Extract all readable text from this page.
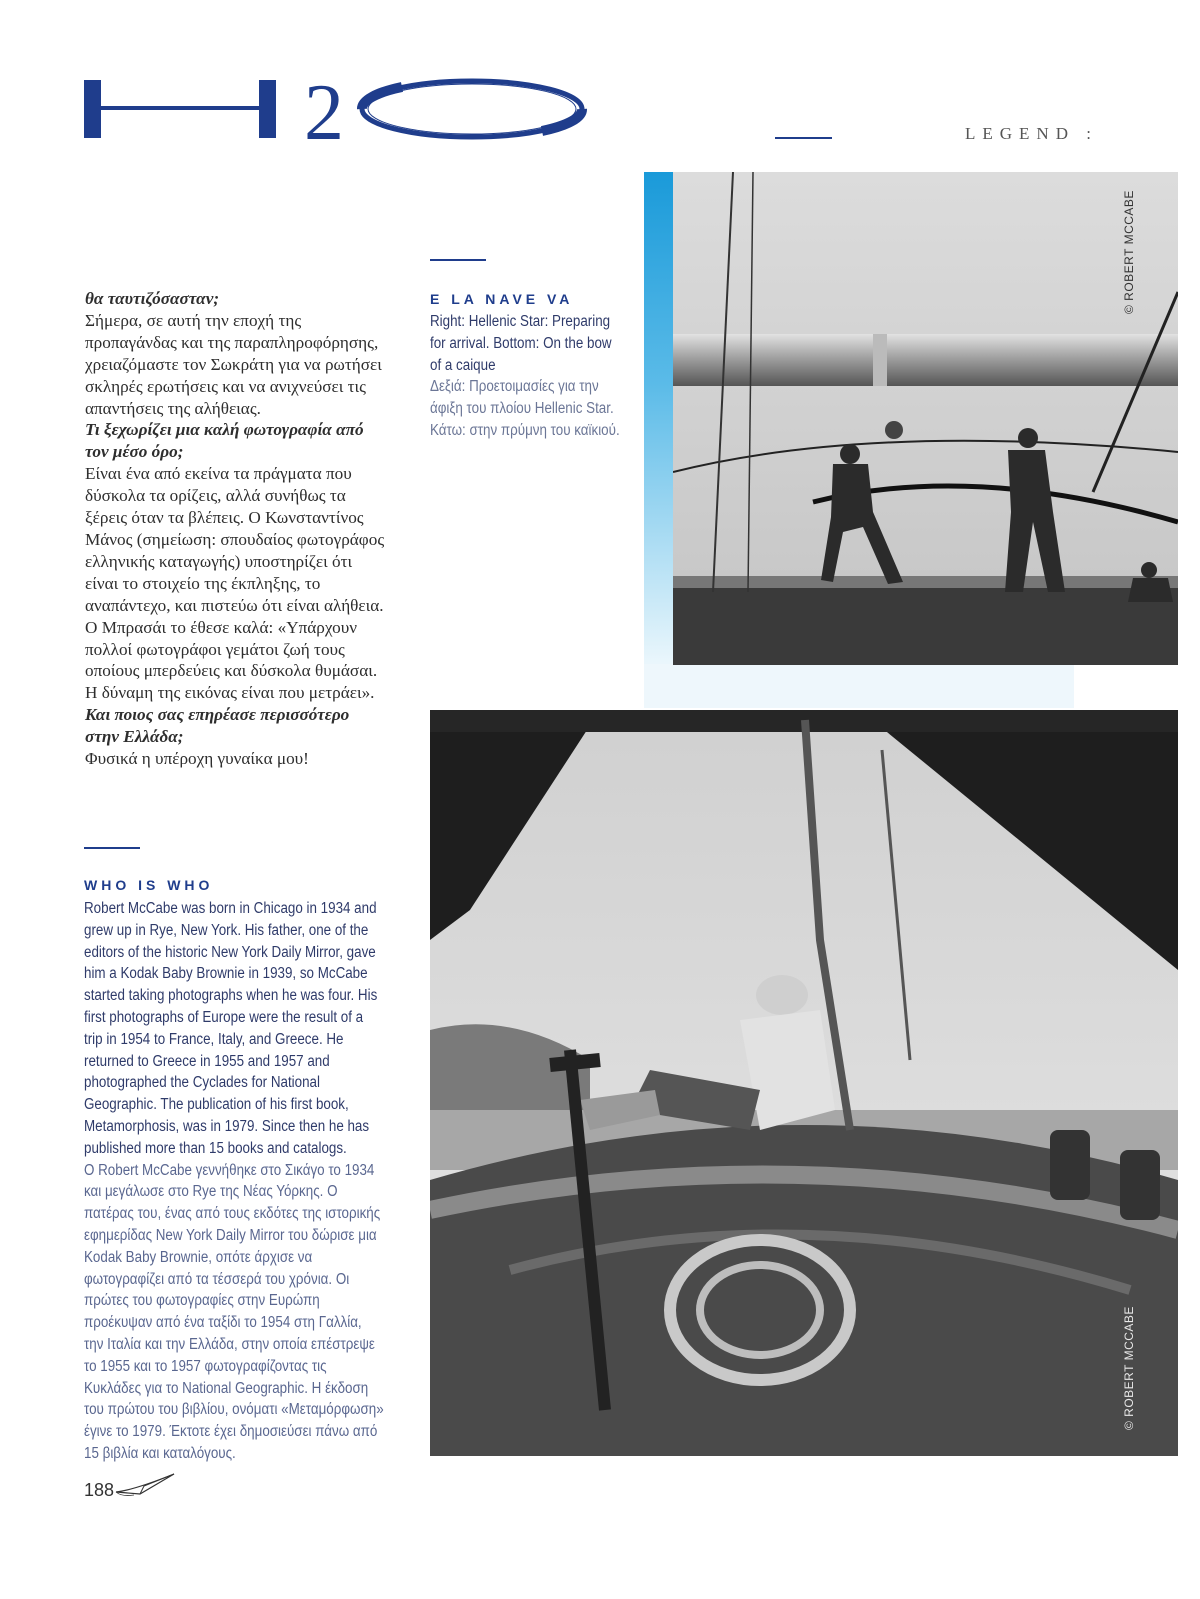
2
H2O
LEGEND :

θα ταυτιζόσασταν;

Σήμερα, σε αυτή την εποχή της προπαγάνδας και της παραπληροφόρησης, χρειαζόμαστε τον Σωκράτη για να ρωτήσει σκληρές ερωτήσεις και να ανιχνεύσει τις απαντήσεις της αλήθειας.

Τι ξεχωρίζει μια καλή φωτογραφία από τον μέσο όρο;

Είναι ένα από εκείνα τα πράγματα που δύσκολα τα ορίζεις, αλλά συνήθως τα ξέρεις όταν τα βλέπεις. Ο Κωνσταντίνος Μάνος (σημείωση: σπουδαίος φωτογράφος ελληνικής καταγωγής) υποστηρίζει ότι είναι το στοιχείο της έκπληξης, το αναπάντεχο, και πιστεύω ότι είναι αλήθεια. Ο Μπρασάι το έθεσε καλά: «Υπάρχουν πολλοί φωτογράφοι γεμάτοι ζωή τους οποίους μπερδεύεις και δύσκολα θυμάσαι. Η δύναμη της εικόνας είναι που μετράει».

Και ποιος σας επηρέασε περισσότερο στην Ελλάδα;

Φυσικά η υπέροχη γυναίκα μου!

WHO IS WHO

Robert McCabe was born in Chicago in 1934 and grew up in Rye, New York. His father, one of the editors of the historic New York Daily Mirror, gave him a Kodak Baby Brownie in 1939, so McCabe started taking photographs when he was four. His first photographs of Europe were the result of a trip in 1954 to France, Italy, and Greece. He returned to Greece in 1955 and 1957 and photographed the Cyclades for National Geographic. The publication of his first book, Metamorphosis, was in 1979. Since then he has published more than 15 books and catalogs.

Ο Robert McCabe γεννήθηκε στο Σικάγο το 1934 και μεγάλωσε στο Rye της Νέας Υόρκης. Ο πατέρας του, ένας από τους εκδότες της ιστορικής εφημερίδας New York Daily Mirror του δώρισε μια Kodak Baby Brownie, οπότε άρχισε να φωτογραφίζει από τα τέσσερά του χρόνια. Οι πρώτες του φωτογραφίες στην Ευρώπη προέκυψαν από ένα ταξίδι το 1954 στη Γαλλία, την Ιταλία και την Ελλάδα, στην οποία επέστρεψε το 1955 και το 1957 φωτογραφίζοντας τις Κυκλάδες για το National Geographic. Η έκδοση του πρώτου του βιβλίου, ονόματι «Μεταμόρφωση» έγινε το 1979. Έκτοτε έχει δημοσιεύσει πάνω από 15 βιβλία και καταλόγους.

E LA NAVE VA

Right: Hellenic Star: Preparing for arrival. Bottom: On the bow of a caique

Δεξιά: Προετοιμασίες για την άφιξη του πλοίου Hellenic Star. Κάτω: στην πρύμνη του καϊκιού.

© ROBERT MCCABE
© ROBERT MCCABE
188
